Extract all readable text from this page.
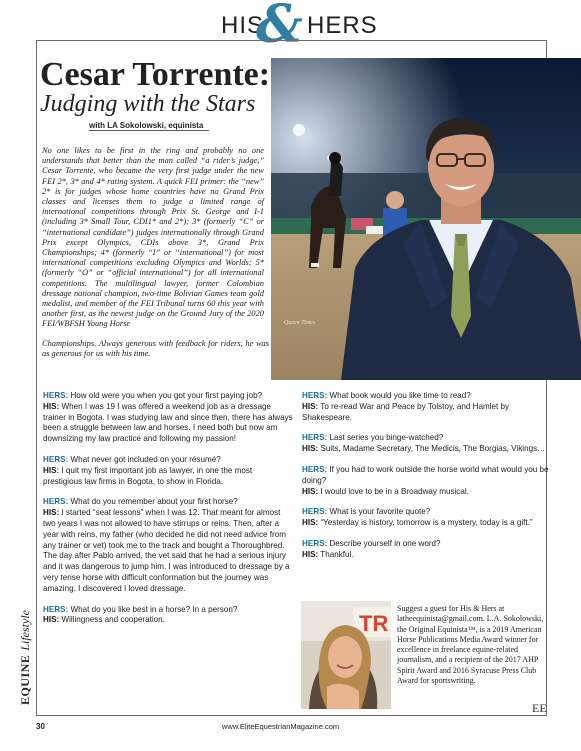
HIS
& HERS
Queen Times
Cesar Torrente:
Judging with the Stars
with LA Sokolowski, equinista
No one likes to be first in the ring and probably no one understands that better than the man called “a rider’s judge,” Cesar Torrente, who became the very first judge under the new FEI 2*, 3* and 4* rating system. A quick FEI primer: the “new” 2* is for judges whose home countries have no Grand Prix classes and licenses them to judge a limited range of international competitions through Prix St. George and I-1 (including 3* Small Tour, CDI1* and 2*); 3* (formerly “C” or “international candidate”) judges internationally through Grand Prix except Olympics, CDIs above 3*, Grand Prix Championships; 4* (formerly “I” or “international”) for most international competitions excluding Olympics and Worlds; 5* (formerly “O” or “official international”) for all international competitions. The multilingual lawyer, former Colombian dressage national champion, two-time Bolivian Games team gold medalist, and member of the FEI Tribunal turns 60 this year with another first, as the newest judge on the Ground Jury of the 2020 FEI/WBFSH Young Horse
Championships. Always generous with feedback for riders, he was as generous for us with his time.

HERS: How old were you when you got your first paying job?

HIS: When I was 19 I was offered a weekend job as a dressage trainer in Bogota. I was studying law and since then, there has always been a struggle between law and horses. I need both but now am downsizing my law practice and following my passion!

HERS: What never got included on your résumé?

HIS: I quit my first important job as lawyer, in one the most prestigious law firms in Bogota, to show in Florida.

HERS: What do you remember about your first horse?

HIS: I started “seat lessons” when I was 12. That meant for almost two years I was not allowed to have stirrups or reins. Then, after a year with reins, my father (who decided he did not need advice from any trainer or vet) took me to the track and bought a Thoroughbred. The day after Pablo arrived, the vet said that he had a serious injury and it was dangerous to jump him. I was introduced to dressage by a very tense horse with difficult conformation but the journey was amazing. I discovered I loved dressage.

HERS: What do you like best in a horse? In a person?

HIS: Willingness and cooperation.

HERS: What book would you like time to read?

HIS: To re-read War and Peace by Tolstoy, and Hamlet by Shakespeare.

HERS: Last series you binge-watched?

HIS: Suits, Madame Secretary, The Medicis, The Borgias, Vikings…

HERS: If you had to work outside the horse world what would you be doing?

HIS: I would love to be in a Broadway musical.

HERS: What is your favorite quote?

HIS: “Yesterday is history, tomorrow is a mystery, today is a gift.”

HERS: Describe yourself in one word?

HIS: Thankful.

TR
Suggest a guest for His & Hers at latheequinista@gmail.com. L.A. Sokolowski, the Original Equinista™, is a 2019 American Horse Publications Media Award winner for excellence in freelance equine-related journalism, and a recipient of the 2017 AHP Spirit Award and 2016 Syracuse Press Club Award for sportswriting.
EE
EQUINE Lifestyle
30	www.EliteEquestrianMagazine.com
